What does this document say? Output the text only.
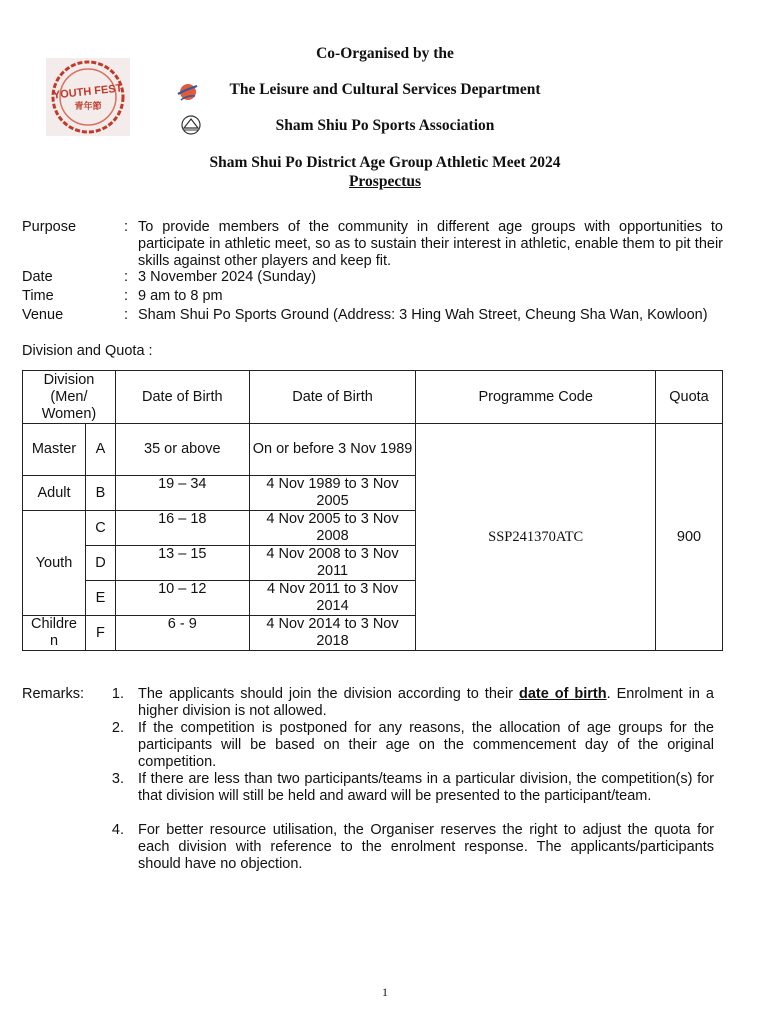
Co-Organised by the
The Leisure and Cultural Services Department
Sham Shiu Po Sports Association
Sham Shui Po District Age Group Athletic Meet 2024
Prospectus
YOUTH FEST
青年節
Purpose	: To provide members of the community in different age groups with opportunities to participate in athletic meet, so as to sustain their interest in athletic, enable them to pit their skills against other players and keep fit.
Date	: 3 November 2024 (Sunday)
Time	: 9 am to 8 pm
Venue	: Sham Shui Po Sports Ground (Address: 3 Hing Wah Street, Cheung Sha Wan, Kowloon)
Division and Quota :
Division (Men/ Women)		Date of Birth	Date of Birth	Programme Code	Quota
Master	A	35 or above	On or before 3 Nov 1989	SSP241370ATC	900
Adult	B	19 – 34	4 Nov 1989 to 3 Nov 2005		
Youth	C	16 – 18	4 Nov 2005 to 3 Nov 2008		
	D	13 – 15	4 Nov 2008 to 3 Nov 2011		
	E	10 – 12	4 Nov 2011 to 3 Nov 2014		
Childre n	F	6 - 9	4 Nov 2014 to 3 Nov 2018		
Remarks:	1. The applicants should join the division according to their date of birth. Enrolment in a higher division is not allowed.
2. If the competition is postponed for any reasons, the allocation of age groups for the participants will be based on their age on the commencement day of the original competition.
3. If there are less than two participants/teams in a particular division, the competition(s) for that division will still be held and award will be presented to the participant/team.
4. For better resource utilisation, the Organiser reserves the right to adjust the quota for each division with reference to the enrolment response. The applicants/participants should have no objection.
1
